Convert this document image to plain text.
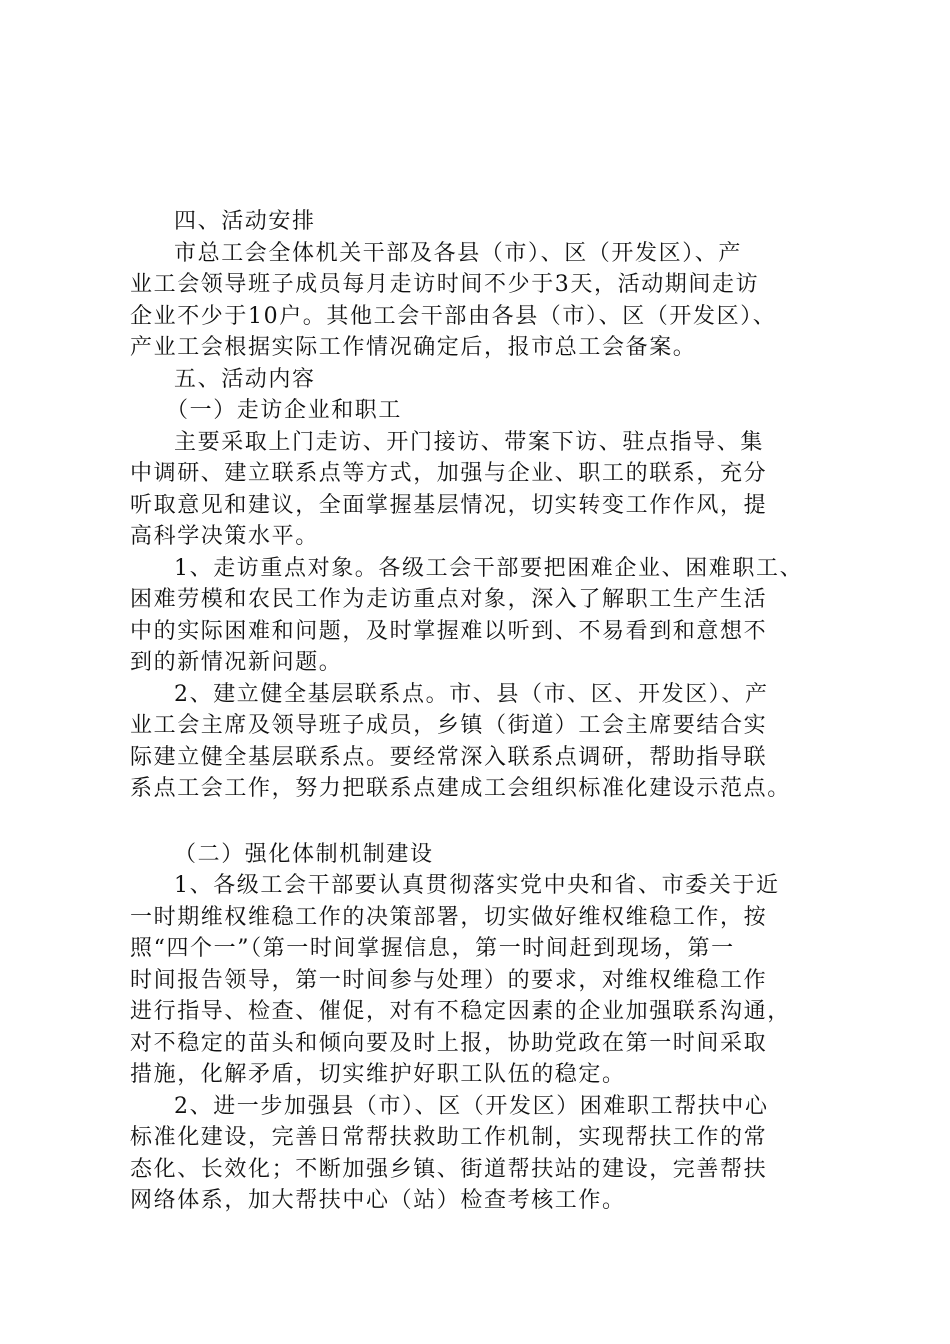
四、活动安排
市总工会全体机关干部及各县（市）、区（开发区）、产
业工会领导班子成员每月走访时间不少于3天，活动期间走访
企业不少于10户。其他工会干部由各县（市）、区（开发区）、
产业工会根据实际工作情况确定后，报市总工会备案。
五、活动内容
（一）走访企业和职工
主要采取上门走访、开门接访、带案下访、驻点指导、集
中调研、建立联系点等方式，加强与企业、职工的联系，充分
听取意见和建议，全面掌握基层情况，切实转变工作作风，提
高科学决策水平。
1、走访重点对象。各级工会干部要把困难企业、困难职工、
困难劳模和农民工作为走访重点对象，深入了解职工生产生活
中的实际困难和问题，及时掌握难以听到、不易看到和意想不
到的新情况新问题。
2、建立健全基层联系点。市、县（市、区、开发区）、产
业工会主席及领导班子成员，乡镇（街道）工会主席要结合实
际建立健全基层联系点。要经常深入联系点调研，帮助指导联
系点工会工作，努力把联系点建成工会组织标准化建设示范点。
（二）强化体制机制建设
1、各级工会干部要认真贯彻落实党中央和省、市委关于近
一时期维权维稳工作的决策部署，切实做好维权维稳工作，按
照“四个一”（第一时间掌握信息，第一时间赶到现场，第一
时间报告领导，第一时间参与处理）的要求，对维权维稳工作
进行指导、检查、催促，对有不稳定因素的企业加强联系沟通，
对不稳定的苗头和倾向要及时上报，协助党政在第一时间采取
措施，化解矛盾，切实维护好职工队伍的稳定。
2、进一步加强县（市）、区（开发区）困难职工帮扶中心
标准化建设，完善日常帮扶救助工作机制，实现帮扶工作的常
态化、长效化；不断加强乡镇、街道帮扶站的建设，完善帮扶
网络体系，加大帮扶中心（站）检查考核工作。
